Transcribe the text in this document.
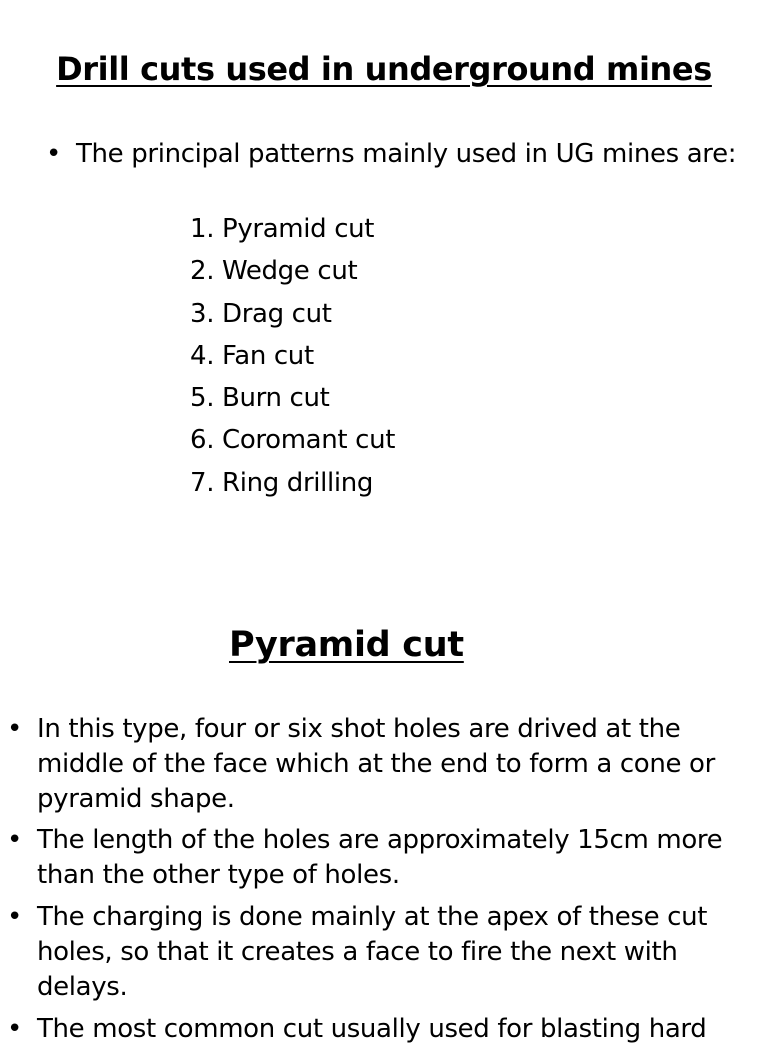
Drill cuts used in underground mines
• The principal patterns mainly used in UG mines are:
1. Pyramid cut
2. Wedge cut
3. Drag cut
4. Fan cut
5. Burn cut
6. Coromant cut
7. Ring drilling
Pyramid cut
• In this type, four or six shot holes are drived at the middle of the face which at the end to form a cone or pyramid shape.
• The length of the holes are approximately 15cm more than the other type of holes.
• The charging is done mainly at the apex of these cut holes, so that it creates a face to fire the next with delays.
• The most common cut usually used for blasting hard
